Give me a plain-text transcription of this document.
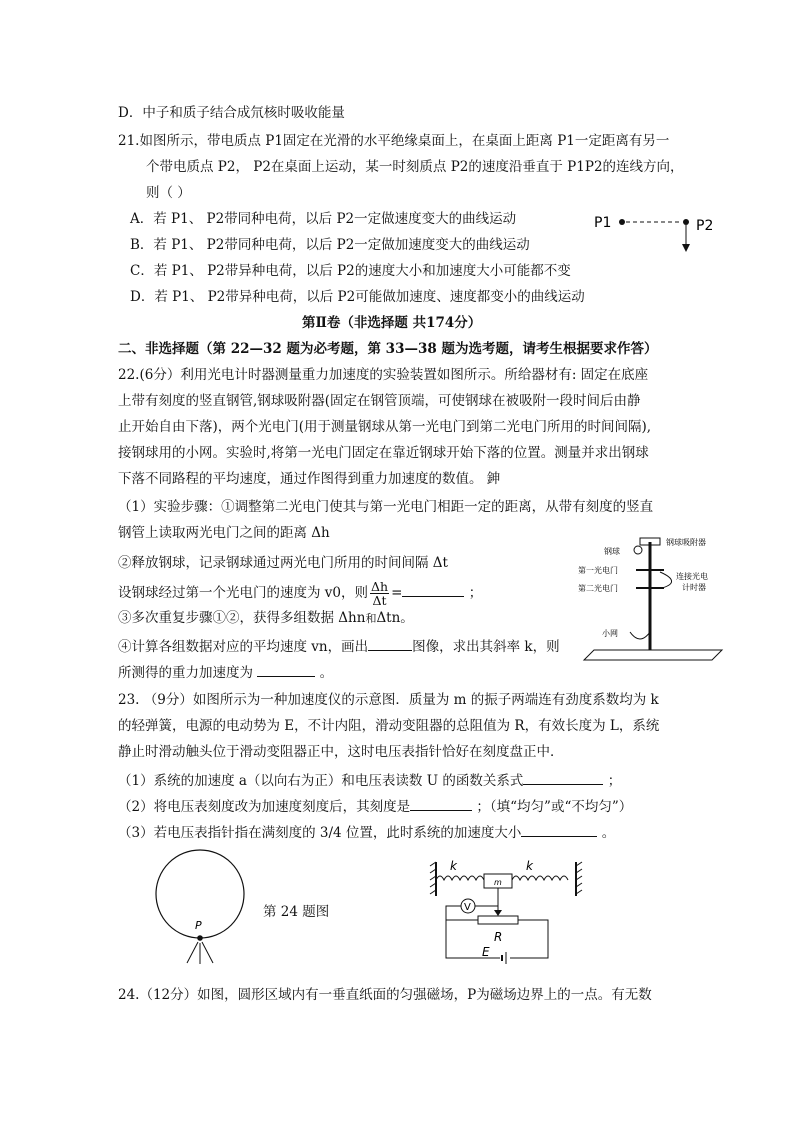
D．中子和质子结合成氘核时吸收能量
21.如图所示，带电质点 P1固定在光滑的水平绝缘桌面上，在桌面上距离 P1一定距离有另一
个带电质点 P2， P2在桌面上运动，某一时刻质点 P2的速度沿垂直于 P1P2的连线方向，
则（ ）
A．若 P1、 P2带同种电荷，以后 P2一定做速度变大的曲线运动
B．若 P1、 P2带同种电荷，以后 P2一定做加速度变大的曲线运动
C．若 P1、 P2带异种电荷，以后 P2的速度大小和加速度大小可能都不变
D．若 P1、 P2带异种电荷，以后 P2可能做加速度、速度都变小的曲线运动
P1	P2
第Ⅱ卷（非选择题 共174分）
二、非选择题（第 22—32 题为必考题，第 33—38 题为选考题，请考生根据要求作答）
22.(6分）利用光电计时器测量重力加速度的实验装置如图所示。所给器材有: 固定在底座
上带有刻度的竖直钢管,钢球吸附器(固定在钢管顶端，可使钢球在被吸附一段时间后由静
止开始自由下落)，两个光电门(用于测量钢球从第一光电门到第二光电门所用的时间间隔),
接钢球用的小网。实验时,将第一光电门固定在靠近钢球开始下落的位置。测量并求出钢球
下落不同路程的平均速度，通过作图得到重力加速度的数值。 鉮
（1）实验步骤：①调整第二光电门使其与第一光电门相距一定的距离，从带有刻度的竖直
钢管上读取两光电门之间的距离 Δh
②释放钢球，记录钢球通过两光电门所用的时间间隔 Δt
设钢球经过第一个光电门的速度为 v0，则 $\frac{\Delta h}{\Delta t}$ =	；
③多次重复步骤①②，获得多组数据 Δhn和Δtn。
④计算各组数据对应的平均速度 vn，画出	图像，求出其斜率 k，则
所测得的重力加速度为	。
钢球
钢球吸附器
第一光电门
第二光电门
连接光电
计时器
小网
23. （9分）如图所示为一种加速度仪的示意图．质量为 m 的振子两端连有劲度系数均为 k
的轻弹簧，电源的电动势为 E，不计内阻，滑动变阻器的总阻值为 R，有效长度为 L，系统
静止时滑动触头位于滑动变阻器正中，这时电压表指针恰好在刻度盘正中．
（1）系统的加速度 a（以向右为正）和电压表读数 U 的函数关系式	；
（2）将电压表刻度改为加速度刻度后，其刻度是	；（填“均匀”或“不均匀”）
（3）若电压表指针指在满刻度的 3/4 位置，此时系统的加速度大小	。
P
第 24 题图
k	k
m
R
V
E
24.（12分）如图，圆形区域内有一垂直纸面的匀强磁场，P为磁场边界上的一点。有无数
